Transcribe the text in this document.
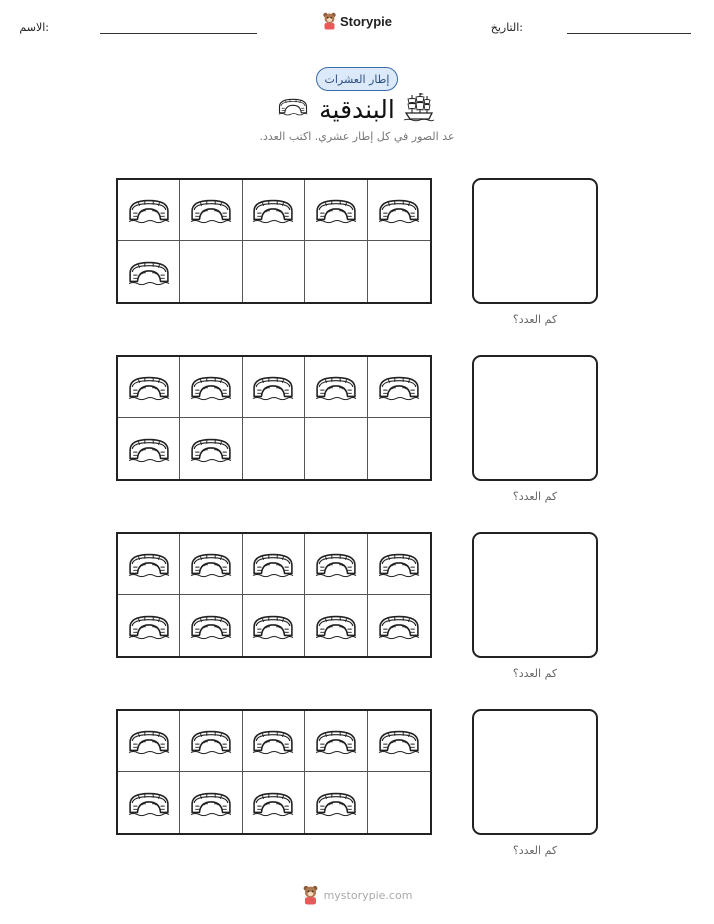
الاسم:	التاريخ:
Storypie
إطار العشرات
البندقية
عد الصور في كل إطار عشري. اكتب العدد.
كم العدد؟
كم العدد؟
كم العدد؟
كم العدد؟
mystorypie.com
